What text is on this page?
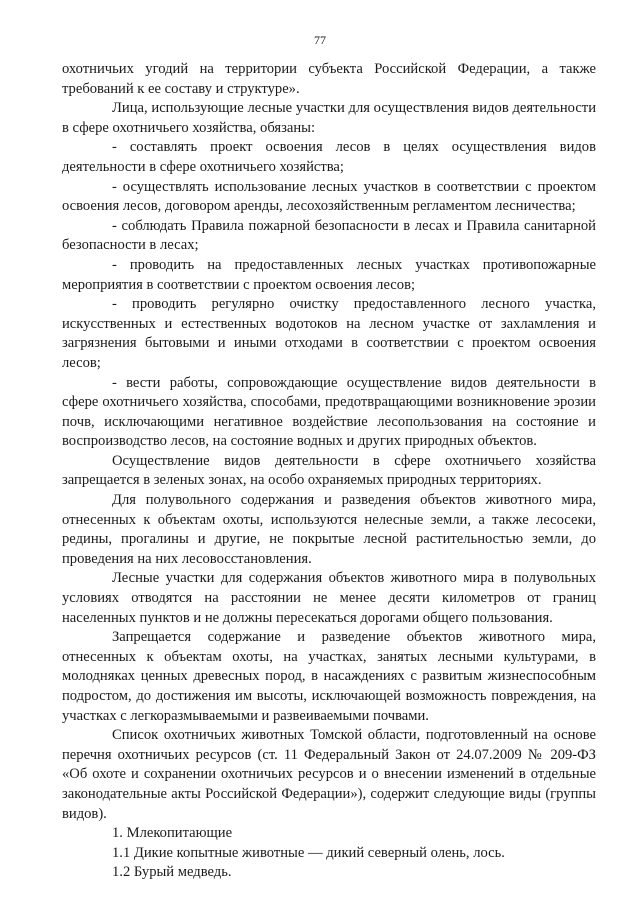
77

охотничьих угодий на территории субъекта Российской Федерации, а также требований к ее составу и структуре».

Лица, использующие лесные участки для осуществления видов деятельности в сфере охотничьего хозяйства, обязаны:

- составлять проект освоения лесов в целях осуществления видов деятельности в сфере охотничьего хозяйства;

- осуществлять использование лесных участков в соответствии с проектом освоения лесов, договором аренды, лесохозяйственным регламентом лесничества;

- соблюдать Правила пожарной безопасности в лесах и Правила санитарной безопасности в лесах;

- проводить на предоставленных лесных участках противопожарные мероприятия в соответствии с проектом освоения лесов;

- проводить регулярно очистку предоставленного лесного участка, искусственных и естественных водотоков на лесном участке от захламления и загрязнения бытовыми и иными отходами в соответствии с проектом освоения лесов;

- вести работы, сопровождающие осуществление видов деятельности в сфере охотничьего хозяйства, способами, предотвращающими возникновение эрозии почв, исключающими негативное воздействие лесопользования на состояние и воспроизводство лесов, на состояние водных и других природных объектов.

Осуществление видов деятельности в сфере охотничьего хозяйства запрещается в зеленых зонах, на особо охраняемых природных территориях.

Для полувольного содержания и разведения объектов животного мира, отнесенных к объектам охоты, используются нелесные земли, а также лесосеки, редины, прогалины и другие, не покрытые лесной растительностью земли, до проведения на них лесовосстановления.

Лесные участки для содержания объектов животного мира в полувольных условиях отводятся на расстоянии не менее десяти километров от границ населенных пунктов и не должны пересекаться дорогами общего пользования.

Запрещается содержание и разведение объектов животного мира, отнесенных к объектам охоты, на участках, занятых лесными культурами, в молодняках ценных древесных пород, в насаждениях с развитым жизнеспособным подростом, до достижения им высоты, исключающей возможность повреждения, на участках с легкоразмываемыми и развеиваемыми почвами.

Список охотничьих животных Томской области, подготовленный на основе перечня охотничьих ресурсов (ст. 11 Федеральный Закон от 24.07.2009 № 209-ФЗ «Об охоте и сохранении охотничьих ресурсов и о внесении изменений в отдельные законодательные акты Российской Федерации»), содержит следующие виды (группы видов).

1. Млекопитающие

1.1 Дикие копытные животные — дикий северный олень, лось.

1.2 Бурый медведь.
